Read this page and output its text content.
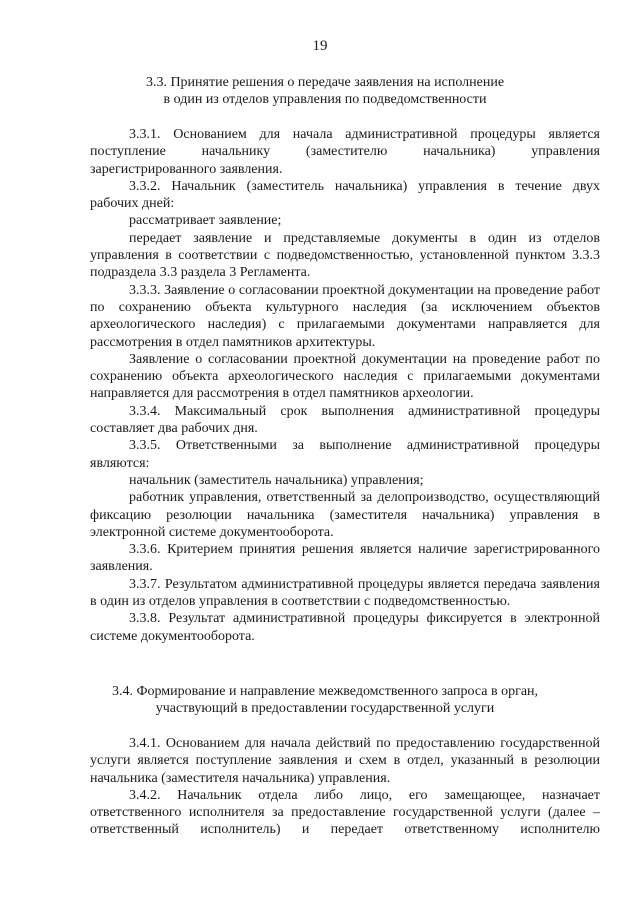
19
3.3. Принятие решения о передаче заявления на исполнение
в один из отделов управления по подведомственности

3.3.1. Основанием для начала административной процедуры является поступление начальнику (заместителю начальника) управления зарегистрированного заявления.

3.3.2. Начальник (заместитель начальника) управления в течение двух рабочих дней:

рассматривает заявление;

передает заявление и представляемые документы в один из отделов управления в соответствии с подведомственностью, установленной пунктом 3.3.3 подраздела 3.3 раздела 3 Регламента.

3.3.3. Заявление о согласовании проектной документации на проведение работ по сохранению объекта культурного наследия (за исключением объектов археологического наследия) с прилагаемыми документами направляется для рассмотрения в отдел памятников архитектуры.

Заявление о согласовании проектной документации на проведение работ по сохранению объекта археологического наследия с прилагаемыми документами направляется для рассмотрения в отдел памятников археологии.

3.3.4. Максимальный срок выполнения административной процедуры составляет два рабочих дня.

3.3.5. Ответственными за выполнение административной процедуры являются:

начальник (заместитель начальника) управления;

работник управления, ответственный за делопроизводство, осуществляющий фиксацию резолюции начальника (заместителя начальника) управления в электронной системе документооборота.

3.3.6. Критерием принятия решения является наличие зарегистрированного заявления.

3.3.7. Результатом административной процедуры является передача заявления в один из отделов управления в соответствии с подведомственностью.

3.3.8. Результат административной процедуры фиксируется в электронной системе документооборота.

3.4. Формирование и направление межведомственного запроса в орган,
участвующий в предоставлении государственной услуги

3.4.1. Основанием для начала действий по предоставлению государственной услуги является поступление заявления и схем в отдел, указанный в резолюции начальника (заместителя начальника) управления.

3.4.2. Начальник отдела либо лицо, его замещающее, назначает ответственного исполнителя за предоставление государственной услуги (далее – ответственный исполнитель) и передает ответственному исполнителю
